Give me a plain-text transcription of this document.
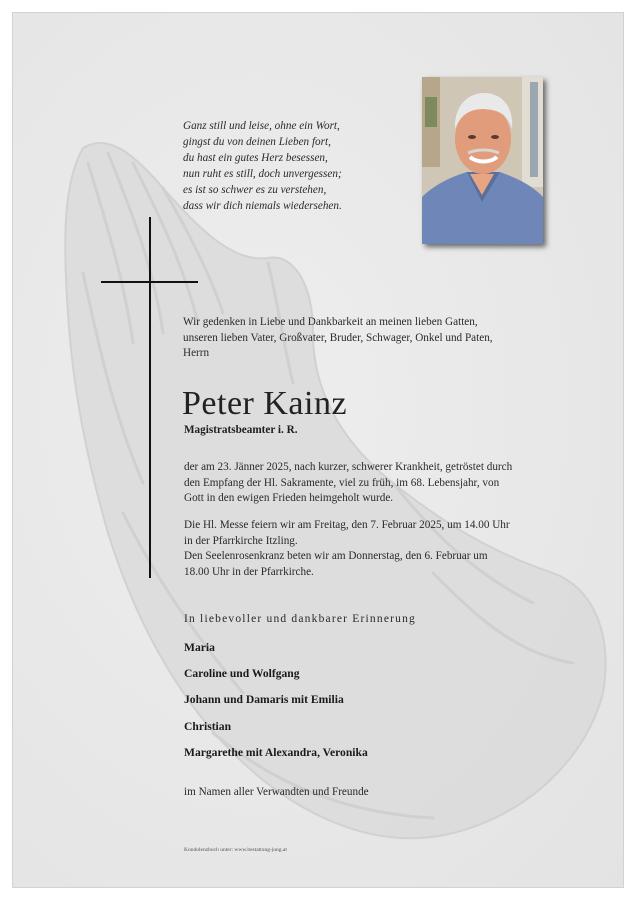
Ganz still und leise, ohne ein Wort,
gingst du von deinen Lieben fort,
du hast ein gutes Herz besessen,
nun ruht es still, doch unvergessen;
es ist so schwer es zu verstehen,
dass wir dich niemals wiedersehen.
Wir gedenken in Liebe und Dankbarkeit an meinen lieben Gatten,
unseren lieben Vater, Großvater, Bruder, Schwager, Onkel und Paten,
Herrn
Peter Kainz
Magistratsbeamter i. R.
der am 23. Jänner 2025, nach kurzer, schwerer Krankheit, getröstet durch
den Empfang der Hl. Sakramente, viel zu früh, im 68. Lebensjahr, von
Gott in den ewigen Frieden heimgeholt wurde.
Die Hl. Messe feiern wir am Freitag, den 7. Februar 2025, um 14.00 Uhr
in der Pfarrkirche Itzling.
Den Seelenrosenkranz beten wir am Donnerstag, den 6. Februar um
18.00 Uhr in der Pfarrkirche.
In liebevoller und dankbarer Erinnerung
Maria
Caroline und Wolfgang
Johann und Damaris mit Emilia
Christian
Margarethe mit Alexandra, Veronika
im Namen aller Verwandten und Freunde
Kondolenzbuch unter: www.bestattung-jung.at
